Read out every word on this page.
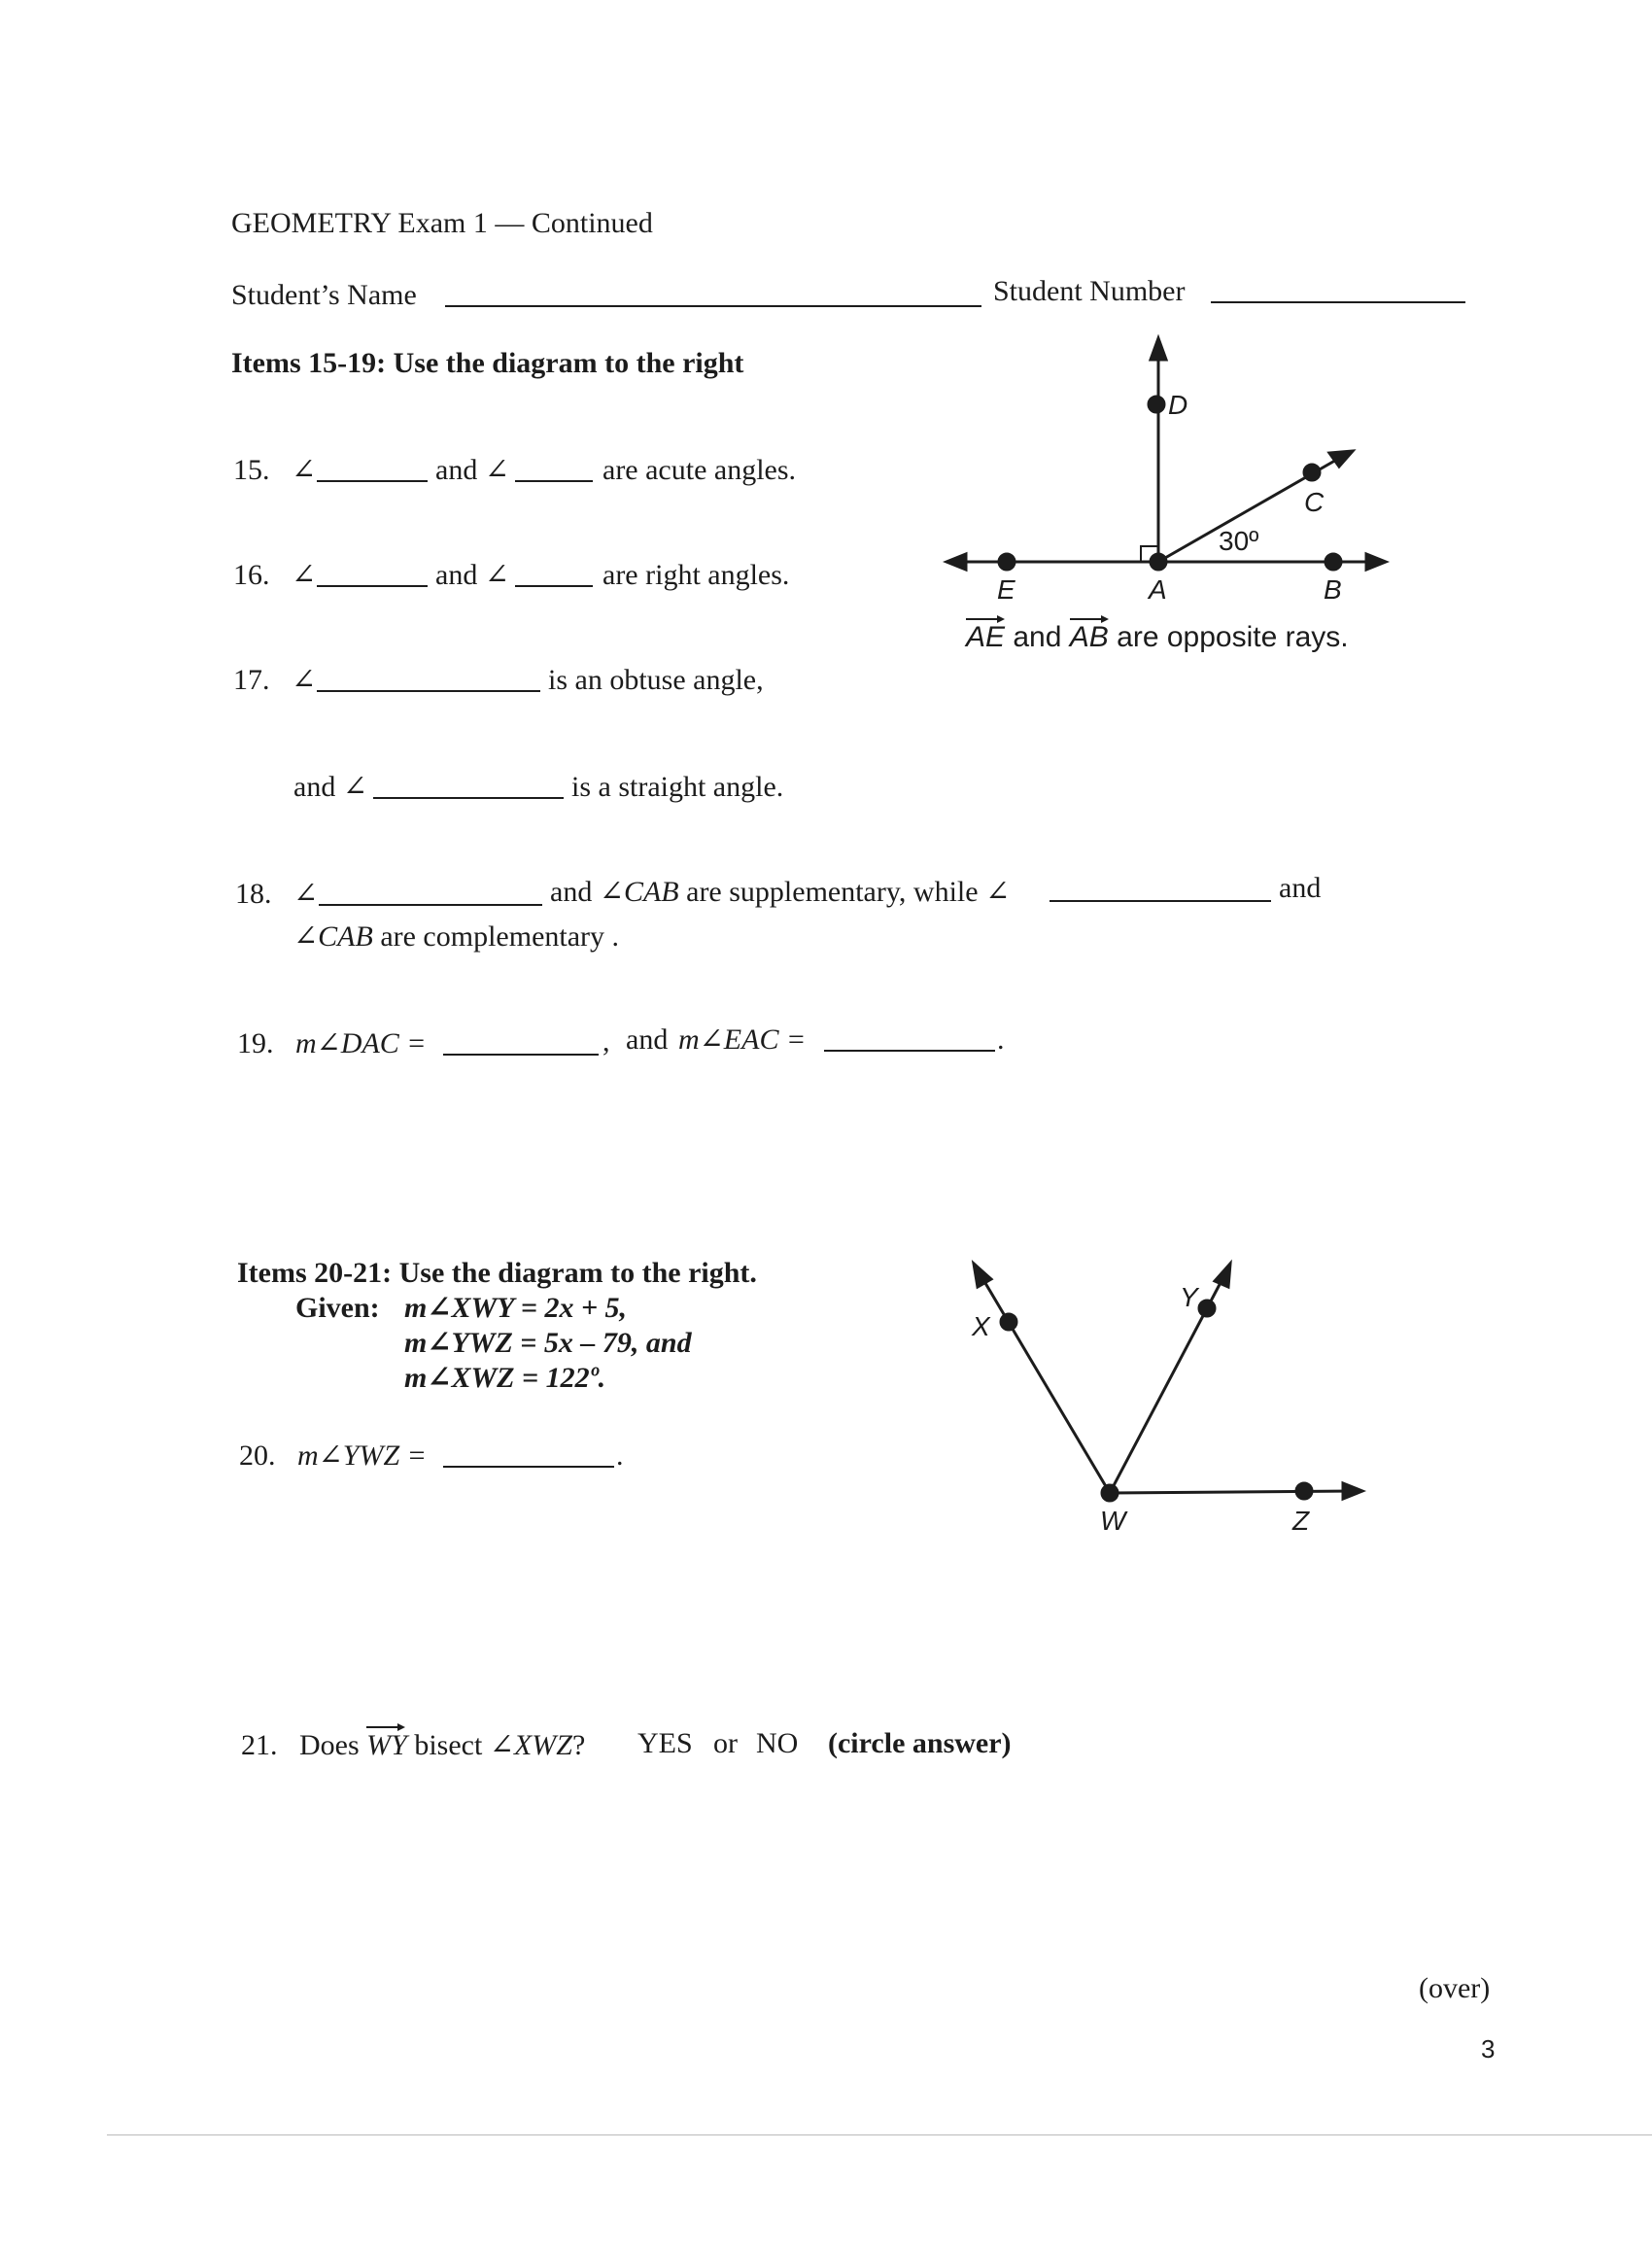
GEOMETRY Exam 1 — Continued
Student’s Name	Student Number
Items 15-19: Use the diagram to the right
15. ∠	and ∠	are acute angles.
16. ∠	and ∠	are right angles.
17. ∠	is an obtuse angle,
and ∠	is a straight angle.
18. ∠	and ∠CAB are supplementary, while ∠	and
∠CAB are complementary .
19. m∠DAC =	, and m∠EAC =	.
D
C
E	A	B
30º
AE and AB are opposite rays.
Items 20-21: Use the diagram to the right.
Given: m∠XWY = 2x + 5,
m∠YWZ = 5x – 79, and
m∠XWZ = 122º.
20. m∠YWZ =	.
X
Y
W	Z
21. Does WY bisect ∠XWZ? YES or NO (circle answer)
(over)
3
